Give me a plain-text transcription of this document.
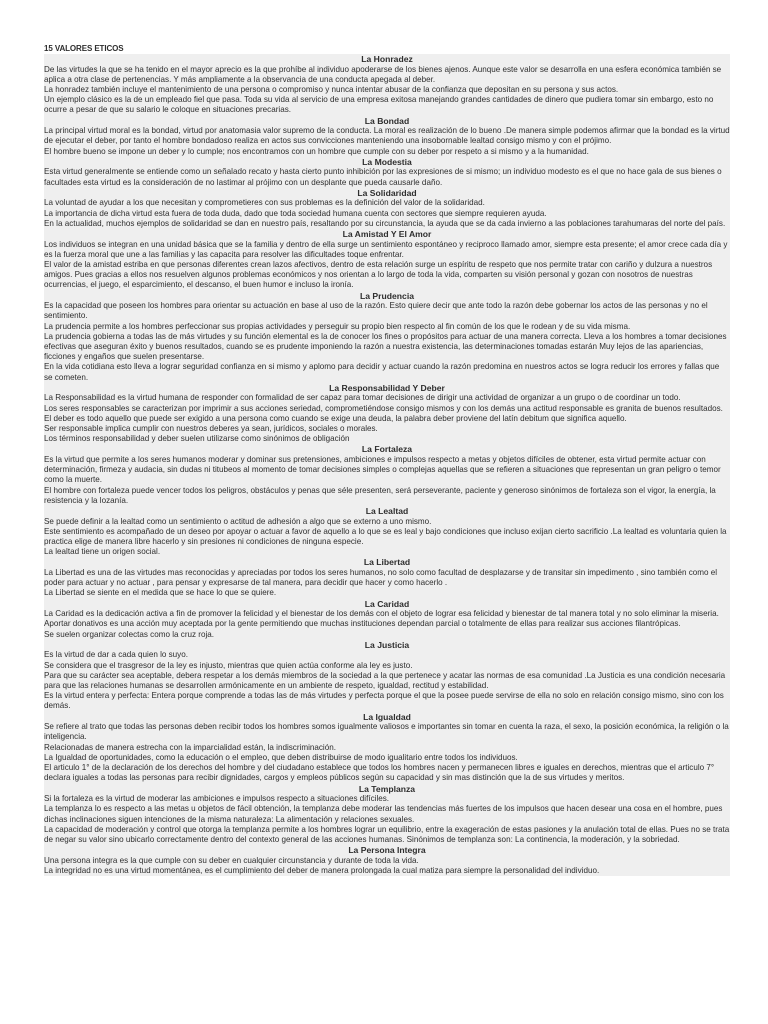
15 VALORES ETICOS
La Honradez

De las virtudes la que se ha tenido en el mayor aprecio es la que prohíbe al individuo apoderarse de los bienes ajenos. Aunque este valor se desarrolla en una esfera económica también se aplica a otra clase de pertenencias. Y más ampliamente a la observancia de una conducta apegada al deber.

La honradez también incluye el mantenimiento de una persona o compromiso y nunca intentar abusar de la confianza que depositan en su persona y sus actos.

Un ejemplo clásico es la de un empleado fiel que pasa. Toda su vida al servicio de una empresa exitosa manejando grandes cantidades de dinero que pudiera tomar sin embargo, esto no ocurre a pesar de que su salario le coloque en situaciones precarias.

La Bondad

La principal virtud moral es la bondad, virtud por anatomasia valor supremo de la conducta. La moral es realización de lo bueno .De manera simple podemos afirmar que la bondad es la virtud de ejecutar el deber, por tanto el hombre bondadoso realiza en actos sus convicciones manteniendo una insobornable lealtad consigo mismo y con el prójimo.

El hombre bueno se impone un deber y lo cumple; nos encontramos con un hombre que cumple con su deber por respeto a si mismo y a la humanidad.

La Modestia

Esta virtud generalmente se entiende como un señalado recato y hasta cierto punto inhibición por las expresiones de si mismo; un individuo modesto es el que no hace gala de sus bienes o facultades esta virtud es la consideración de no lastimar al prójimo con un desplante que pueda causarle daño.

La Solidaridad

La voluntad de ayudar a los que necesitan y comprometieres con sus problemas es la definición del valor de la solidaridad.

La importancia de dicha virtud esta fuera de toda duda, dado que toda sociedad humana cuenta con sectores que siempre requieren ayuda.

En la actualidad, muchos ejemplos de solidaridad se dan en nuestro país, resaltando por su circunstancia, la ayuda que se da cada invierno a las poblaciones tarahumaras del norte del país.

La Amistad Y El Amor

Los individuos se integran en una unidad básica que se la familia y dentro de ella surge un sentimiento espontáneo y reciproco llamado amor, siempre esta presente; el amor crece cada día y es la fuerza moral que une a las familias y las capacita para resolver las dificultades toque enfrentar.

El valor de la amistad estriba en que personas diferentes crean lazos afectivos, dentro de esta relación surge un espíritu de respeto que nos permite tratar con cariño y dulzura a nuestros amigos. Pues gracias a ellos nos resuelven algunos problemas económicos y nos orientan a lo largo de toda la vida, comparten su visión personal y gozan con nosotros de nuestras ocurrencias, el juego, el esparcimiento, el descanso, el buen humor e incluso la ironía.

La Prudencia

Es la capacidad que poseen los hombres para orientar su actuación en base al uso de la razón. Esto quiere decir que ante todo la razón debe gobernar los actos de las personas y no el sentimiento.

La prudencia permite a los hombres perfeccionar sus propias actividades y perseguir su propio bien respecto al fin común de los que le rodean y de su vida misma.

La prudencia gobierna a todas las de más virtudes y su función elemental es la de conocer los fines o propósitos para actuar de una manera correcta. Lleva a los hombres a tomar decisiones efectivas que aseguran éxito y buenos resultados, cuando se es prudente imponiendo la razón a nuestra existencia, las determinaciones tomadas estarán Muy lejos de las apariencias, ficciones y engaños que suelen presentarse.

En la vida cotidiana esto lleva a lograr seguridad confianza en si mismo y aplomo para decidir y actuar cuando la razón predomina en nuestros actos se logra reducir los errores y fallas que se cometen.

La Responsabilidad Y Deber

La Responsabilidad es la virtud humana de responder con formalidad de ser capaz para tomar decisiones de dirigir una actividad de organizar a un grupo o de coordinar un todo.

Los seres responsables se caracterizan por imprimir a sus acciones seriedad, comprometiéndose consigo mismos y con los demás una actitud responsable es granita de buenos resultados.

El deber es todo aquello que puede ser exigido a una persona como cuando se exige una deuda, la palabra deber proviene del latín debitum que significa aquello.

Ser responsable implica cumplir con nuestros deberes ya sean, jurídicos, sociales o morales.

Los términos responsabilidad y deber suelen utilizarse como sinónimos de obligación

La Fortaleza

Es la virtud que permite a los seres humanos moderar y dominar sus pretensiones, ambiciones e impulsos respecto a metas y objetos difíciles de obtener, esta virtud permite actuar con determinación, firmeza y audacia, sin dudas ni titubeos al momento de tomar decisiones simples o complejas aquellas que se refieren a situaciones que representan un gran peligro o temor como la muerte.

El hombre con fortaleza puede vencer todos los peligros, obstáculos y penas que séle presenten, será perseverante, paciente y generoso sinónimos de fortaleza son el vigor, la energía, la resistencia y la lozanía.

La Lealtad

Se puede definir a la lealtad como un sentimiento o actitud de adhesión a algo que se externo a uno mismo.

Este sentimiento es acompañado de un deseo por apoyar o actuar a favor de aquello a lo que se es leal y bajo condiciones que incluso exijan cierto sacrificio .La lealtad es voluntaria quien la practica elige de manera libre hacerlo y sin presiones ni condiciones de ninguna especie.

La lealtad tiene un origen social.

La Libertad

La Libertad es una de las virtudes mas reconocidas y apreciadas por todos los seres humanos, no solo como facultad de desplazarse y de transitar sin impedimento , sino también como el poder para actuar y no actuar , para pensar y expresarse de tal manera, para decidir que hacer y como hacerlo .

La Libertad se siente en el medida que se hace lo que se quiere.

La Caridad

La Caridad es la dedicación activa a fin de promover la felicidad y el bienestar de los demás con el objeto de lograr esa felicidad y bienestar de tal manera total y no solo eliminar la miseria.

Aportar donativos es una acción muy aceptada por la gente permitiendo que muchas instituciones dependan parcial o totalmente de ellas para realizar sus acciones filantrópicas.

Se suelen organizar colectas como la cruz roja.

La Justicia

Es la virtud de dar a cada quien lo suyo.

Se considera que el trasgresor de la ley es injusto, mientras que quien actúa conforme ala ley es justo.

Para que su carácter sea aceptable, debera respetar a los demás miembros de la sociedad a la que pertenece y acatar las normas de esa comunidad .La Justicia es una condición necesaria para que las relaciones humanas se desarrollen armónicamente en un ambiente de respeto, igualdad, rectitud y estabilidad.

Es la virtud entera y perfecta: Entera porque comprende a todas las de más virtudes y perfecta porque el que la posee puede servirse de ella no solo en relación consigo mismo, sino con los demás.

La Igualdad

Se refiere al trato que todas las personas deben recibir todos los hombres somos igualmente valiosos e importantes sin tomar en cuenta la raza, el sexo, la posición económica, la religión o la inteligencia.

Relacionadas de manera estrecha con la imparcialidad están, la indiscriminación.

La Igualdad de oportunidades, como la educación o el empleo, que deben distribuirse de modo igualitario entre todos los individuos.

El articulo 1° de la declaración de los derechos del hombre y del ciudadano establece que todos los hombres nacen y permanecen libres e iguales en derechos, mientras que el articulo 7° declara iguales a todas las personas para recibir dignidades, cargos y empleos públicos según su capacidad y sin mas distinción que la de sus virtudes y meritos.

La Templanza

Si la fortaleza es la virtud de moderar las ambiciones e impulsos respecto a situaciones difíciles.

La templanza lo es respecto a las metas u objetos de fácil obtención, la templanza debe moderar las tendencias más fuertes de los impulsos que hacen desear una cosa en el hombre, pues dichas inclinaciones siguen intenciones de la misma naturaleza: La alimentación y relaciones sexuales.

La capacidad de moderación y control que otorga la templanza permite a los hombres lograr un equilibrio, entre la exageración de estas pasiones y la anulación total de ellas. Pues no se trata de negar su valor sino ubicarlo correctamente dentro del contexto general de las acciones humanas. Sinónimos de templanza son: La continencia, la moderación, y la sobriedad.

La Persona Integra

Una persona integra es la que cumple con su deber en cualquier circunstancia y durante de toda la vida.

La integridad no es una virtud momentánea, es el cumplimiento del deber de manera prolongada la cual matiza para siempre la personalidad del individuo.
